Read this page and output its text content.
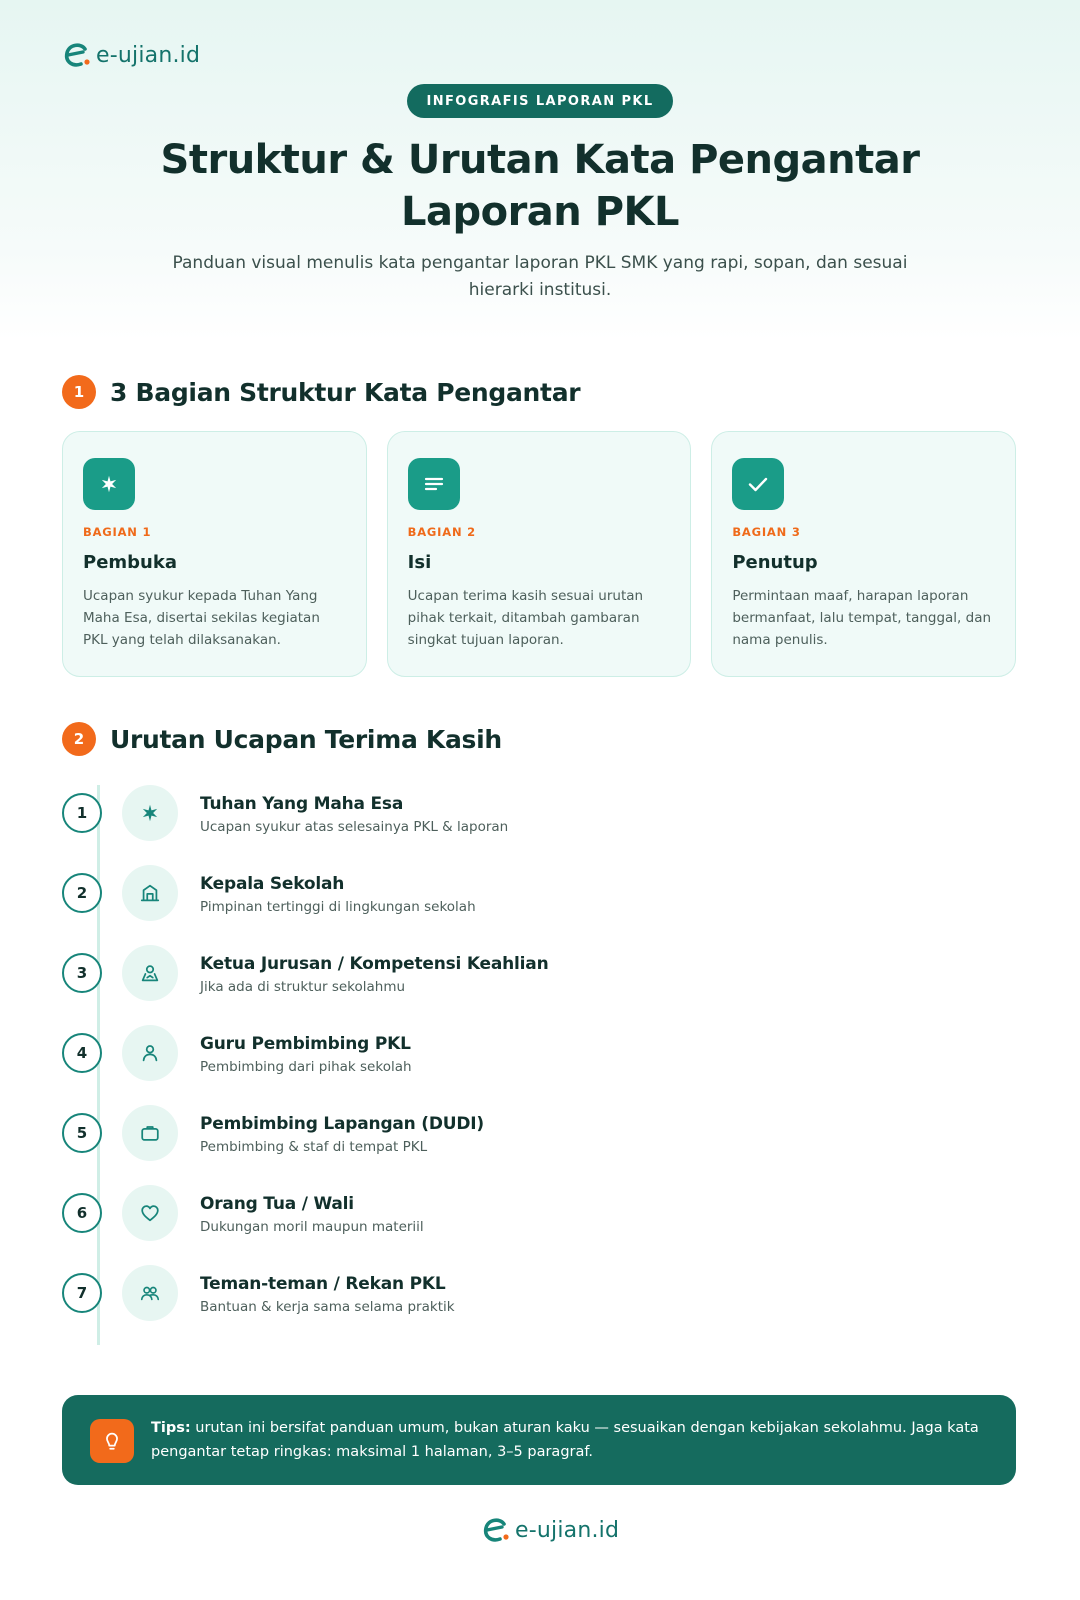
e-ujian.id
INFOGRAFIS LAPORAN PKL
Struktur & Urutan Kata Pengantar
Laporan PKL
Panduan visual menulis kata pengantar laporan PKL SMK yang rapi, sopan, dan sesuai hierarki institusi.
1	3 Bagian Struktur Kata Pengantar
BAGIAN 1
Pembuka
Ucapan syukur kepada Tuhan Yang Maha Esa, disertai sekilas kegiatan PKL yang telah dilaksanakan.
BAGIAN 2
Isi
Ucapan terima kasih sesuai urutan pihak terkait, ditambah gambaran singkat tujuan laporan.
BAGIAN 3
Penutup
Permintaan maaf, harapan laporan bermanfaat, lalu tempat, tanggal, dan nama penulis.
2	Urutan Ucapan Terima Kasih
1	Tuhan Yang Maha Esa
Ucapan syukur atas selesainya PKL & laporan
2	Kepala Sekolah
Pimpinan tertinggi di lingkungan sekolah
3	Ketua Jurusan / Kompetensi Keahlian
Jika ada di struktur sekolahmu
4	Guru Pembimbing PKL
Pembimbing dari pihak sekolah
5	Pembimbing Lapangan (DUDI)
Pembimbing & staf di tempat PKL
6	Orang Tua / Wali
Dukungan moril maupun materiil
7	Teman-teman / Rekan PKL
Bantuan & kerja sama selama praktik
Tips: urutan ini bersifat panduan umum, bukan aturan kaku — sesuaikan dengan kebijakan sekolahmu. Jaga kata pengantar tetap ringkas: maksimal 1 halaman, 3–5 paragraf.
e-ujian.id
